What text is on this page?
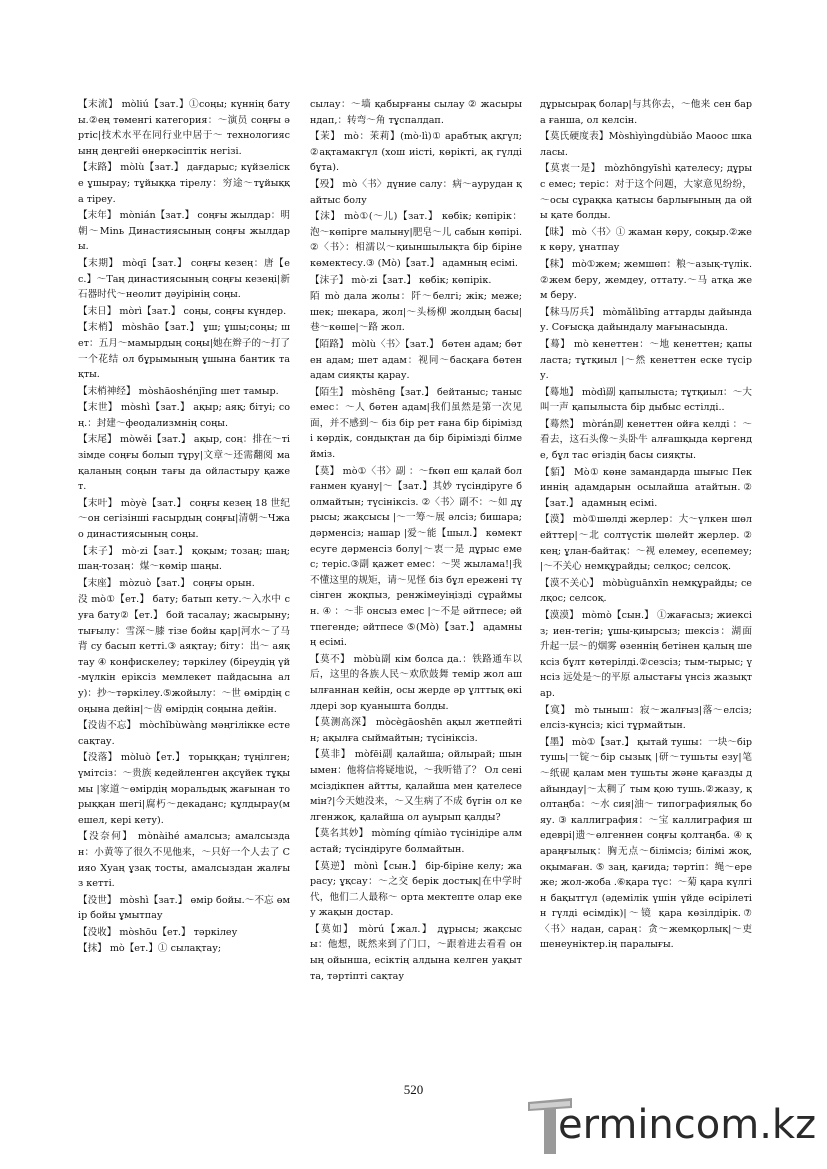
【末流】 mòliú【зат.】①соңы; күннің батуы.②ең төменгі категория：～演员 соңғы әртіс|技术水平在同行业中居于～ технологиясынң деңгейі өнеркәсіптік негізі.
【末路】 mòlù【зат.】 дағдарыс; күйзеліске ұшырау; тұйыққа тірелу：穷途～тұйыққа тіреу.
【末年】 mònián【зат.】 соңғы жылдар：明朝～Мinь Династиясының соңғы жылдары.
【末期】 mòqī【зат.】 соңғы кезең：唐【ес.】～Таң династиясының соңғы кезеңі|新石器时代～неолит дәуірінің соңы.
【末日】 mòrì【зат.】 соңы, соңғы күндер.
【末梢】 mòshāo【зат.】 ұш; ұшы;соңы; шет：五月～мамырдың соңы|她在辫子的～打了一个花结 ол бұрымының ұшына бантик тақты.
【末梢神经】 mòshāoshénjīng шет тамыр.
【末世】 mòshì【зат.】 ақыр; аяқ; бітуі; соң.：封建～феодализмнің соңы.
【末尾】 mòwěi【зат.】 ақыр, соң：排在～тізімде соңғы болып тұру|文章～还需翻阅 мақаланың соңын тағы да ойластыру қажет.
【末叶】 mòyè【зат.】 соңғы кезең 18 世纪～он сегізінші ғасырдың соңғы|清朝～Чжао династиясының соңы.
【末子】 mò·zi【зат.】 қоқым; тозаң; шаң; шаң-тозаң：煤～көмір шаңы.
【末座】 mòzuò【зат.】 соңғы орын.
没 mò①【ет.】 бату; батып кету.～入水中 суға бату②【ет.】 бой тасалау; жасырыну; тығылу：雪深～膝 тізе бойы қар|河水～了马背 су басып кетті.③ аяқтау; біту：出～ аяқтау ④ конфискелеу; тәркілеу (біреудің үй-мүлкін еріксіз мемлекет пайдасына алу)：抄～тәркілеу.⑤жойылу：～世 өмірдің соңына дейін|～齿 өмірдің соңына дейін.
【没齿不忘】 mòchǐbùwàng мәңгілікке есте сақтау.
【没落】 mòluò【ет.】 торыққан; түңілген; үмітсіз：～贵族 кедейленген ақсүйек тұқымы |家道～өмірдің моральдық жағынан торыққан шегі|腐朽～декаданс; құлдырау(мешел, кері кету).
【没奈何】 mònàihé амалсыз; амалсыздан：小黄等了很久不见他来，～只好一个人去了 Сияо Хуаң ұзақ тосты, амалсыздан жалғыз кетті.
【没世】 mòshì【зат.】 өмір бойы.～不忘 өмір бойы ұмытпау
【没收】 mòshōu【ет.】 тәркілеу
【抹】 mò【ет.】① сылақтау;
сылау：～墙 қабырғаны сылау ② жасырындап,：转弯～角 тұспалдап.
【茉】 mò：茉莉】(mò·lì)① арабтық ақгүл; ②ақтамакгүл (хош иісті, көріктi, ақ гүлді бұта).
【殁】 mò〈书〉дүние салу：病～аурудан қайтыс болу
【沫】 mò①(～儿)【зат.】 көбік; көпірік：泡～көпірге малыну|肥皂～儿 сабын көпірі.②〈书〉：相濡以～қиыншылықта бір біріне көмектесу.③ (Mò)【зат.】 адамның есімі.
【沫子】 mò·zi【зат.】 көбік; көпірік.
陌 mò дала жолы：阡～белгі; жік; меже; шек; шекара, жол|～头杨柳 жолдың басы|巷～көше|～路 жол.
【陌路】 mòlù〈书〉【зат.】 бөтен адам; бөтен адам; шет адам：视同～басқаға бөтен адам сияқты қарау.
【陌生】 mòshēng【зат.】 бейтаныс; таныс емес：～人 бөтен адам|我们虽然是第一次见面，并不感到～ біз бір рет ғана бір біріміздi көрдік, сондықтан да бір біріміздi білмейміз.
【莫】 mò①〈书〉副 ：～fкөп еш қалай болғанмен қуану|～【зат.】其妙 түсіндіруге болмайтын; түсініксіз. ②〈书〉副不：～如 дұрысы; жақсысы |～一筹～展 әлсіз; бишара; дәрменсіз; нашар |爱～能【шыл.】 көмектесуге дәрменсіз болу|～衷一是 дұрыс емес; теріс.③副 қажет емес：～哭 жылама!|我不懂这里的规矩，请～见怪 біз бұл ережені түсінген жоқпыз, ренжімеуіңізді сұраймын. ④ ：～非 онсыз емес |～不是 әйтпесе; әйтпегенде; әйтпесе ⑤(Mò)【зат.】 адамның есімі.
【莫不】 mòbù副 кім болса да.：铁路通车以后，这里的各族人民～欢欣鼓舞 темір жол ашылғаннан кейін, осы жерде әр ұлттық өкілдері зор қуанышта болды.
【莫测高深】 mòcègāoshēn ақыл жетпейтін; ақылға сыймайтын; түсініксіз.
【莫非】 mòfēi副 қалайша; ойлырай; шынымен：他将信将疑地说，～我听错了？ Ол сенімсіздікпен айтты, қалайша мен қателесемін?|今天她没来，～又生病了不成 бүгін ол келгенжоқ, қалайша ол ауырып қалды?
【莫名其妙】 mòmíng qímiào түсінідіре алмастай; түсіндіруге болмайтын.
【莫逆】 mònì【сын.】 бір-біріне келу; жарасу; ұқсау：～之交 берік достық|在中学时代，他们二人最称～ орта мектепте олар екеу жақын достар.
【莫如】 mòrú【жал.】 дұрысы; жақсысы：他想，既然来到了门口，～跟着进去看看 оның ойынша, есіктің алдына келген уақытта, тәртіпті сақтау
дұрысырақ болар|与其你去，～他来 сен бара ғанша, ол келсін.
【莫氏硬度表】Mòshìyìngdùbiǎo Маоос шкаласы.
【莫衷一是】 mòzhōngyīshì қателесу; дұрыс емес; теріс：对于这个问题，大家意见纷纷，～осы сұрақка қатысы барлығының да ойы қате болды.
【昧】 mò〈书〉① жаман көру, соқыр.②жек көру, ұнатпау
【秣】 mò①жем; жемшөп：粮～азық-түлік.②жем беру, жемдеу, оттату.～马 атқа жем беру.
【秣马厉兵】 mòmǎlìbīng аттарды дайындау. Соғысқа дайындалу мағынасында.
【蓦】 mò кенеттен：～地 кенеттен; қапыласта; тұтқиыл |～然 кенеттен еске түсіру.
【蓦地】 mòdì副 қапылыста; тұтқиыл：～大叫一声 қапылыста бір дыбыс естілді..
【蓦然】 mòrán副 кенеттен ойға келді ：～看去，这石头像～头卧牛 алғашқыда көргенде, бұл тас өгіздің басы сияқты.
【貊】 Mò① көне замандарда шығыс Пекиннің адамдарын осылайша атайтын.②【зат.】 адамның есімі.
【漠】 mò①шөлді жерлер：大～үлкен шөлейттер|～北 солтүстік шөлейт жерлер. ② кең; ұлан-байтақ：～视 елемеу, есепемеу; |～不关心 немқұрайды; селқос; селсоқ.
【漠不关心】 mòbùguānxīn немқұрайды; селқос; селсоқ.
【漠漠】 mòmò【сын.】 ①жағасыз; жиексіз; иен-тегін; ұшы-қиырсыз; шексіз：湖面升起一层～的烟雾 өзеннің бетінен қалың шексіз бұлт көтерілді.②сезсіз; тым-тырыс; үнсіз 远处是～的平原 алыстағы үнсіз жазықтар.
【寞】 mò тыныш：寂～жалғыз|落～елсіз; елсіз-күнсіз; кісі тұрмайтын.
【墨】 mò①【зат.】 қытай тушы：一块～бір тушь|一锭～бір сызық |研～тушьты езу|笔～纸砚 қалам мен тушьты және қағазды дайындау|～太稠了 тым қою тушь.②жазу, қолтаңба：～水 сия|油～ типографиялық бояу. ③ каллиграфия：～宝 каллиграфия шедеврі|遗～өлгеннен соңғы қолтаңба. ④ қараңғылық：胸无点～білімсіз; білімі жоқ, оқымаған. ⑤ заң, қағида; тәртіп：绳～ереже; жол-жоба .⑥қара түс：～菊 қара күлгін бақытгүл (әдемілік үшін үйде өсірілетін гүлді өсімдік)|～镜 қара көзілдірік.⑦〈书〉надан, сараң：贪～жемқорлық|～吏 шенеуніктер.ің паралығы.
520
ermincom.kz
